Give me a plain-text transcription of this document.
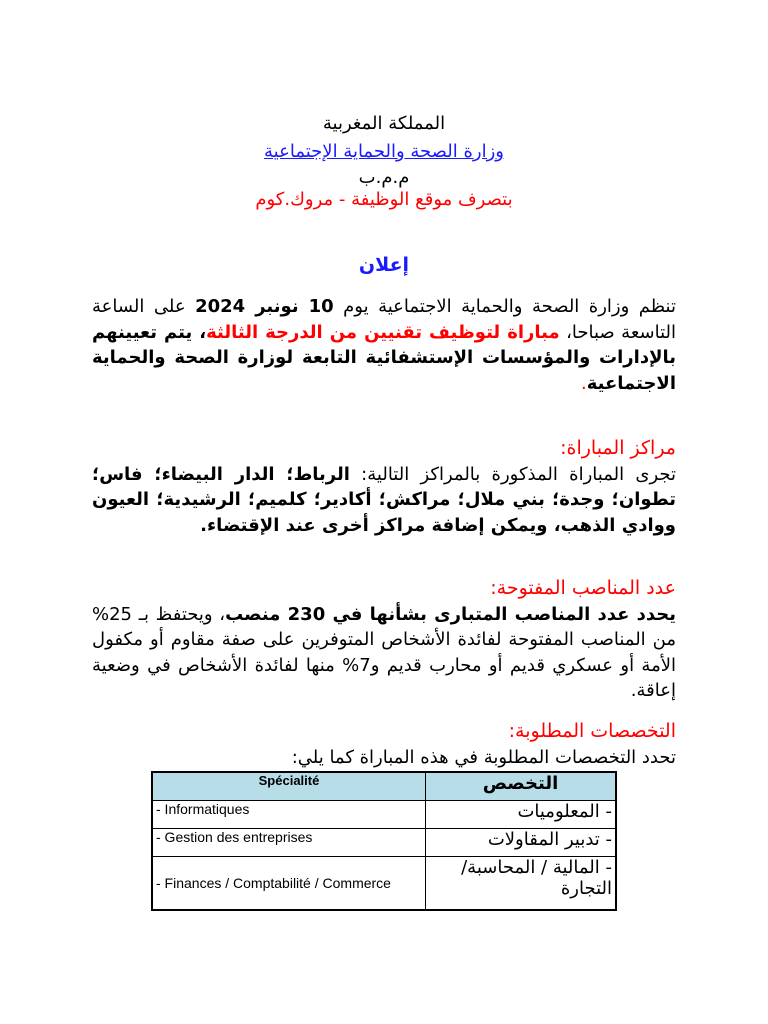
المملكة المغربية
وزارة الصحة والحماية الإجتماعية
م.م.ب
بتصرف موقع الوظيفة - مروك.كوم
إعلان
تنظم وزارة الصحة والحماية الاجتماعية يوم 10 نونبر 2024 على الساعة التاسعة صباحا، مباراة لتوظيف تقنيين من الدرجة الثالثة، يتم تعيينهم بالإدارات والمؤسسات الإستشفائية التابعة لوزارة الصحة والحماية الاجتماعية.
مراكز المباراة:
تجرى المباراة المذكورة بالمراكز التالية: الرباط؛ الدار البيضاء؛ فاس؛ تطوان؛ وجدة؛ بني ملال؛ مراكش؛ أكادير؛ كلميم؛ الرشيدية؛ العيون ووادي الذهب، ويمكن إضافة مراكز أخرى عند الإقتضاء.
عدد المناصب المفتوحة:
يحدد عدد المناصب المتبارى بشأنها في 230 منصب، ويحتفظ بـ 25% من المناصب المفتوحة لفائدة الأشخاص المتوفرين على صفة مقاوم أو مكفول الأمة أو عسكري قديم أو محارب قديم و7% منها لفائدة الأشخاص في وضعية إعاقة.
التخصصات المطلوبة:
تحدد التخصصات المطلوبة في هذه المباراة كما يلي:
Spécialité	التخصص
- Informatiques	- المعلوميات
- Gestion des entreprises	- تدبير المقاولات
- Finances / Comptabilité / Commerce	- المالية / المحاسبة/ التجارة
